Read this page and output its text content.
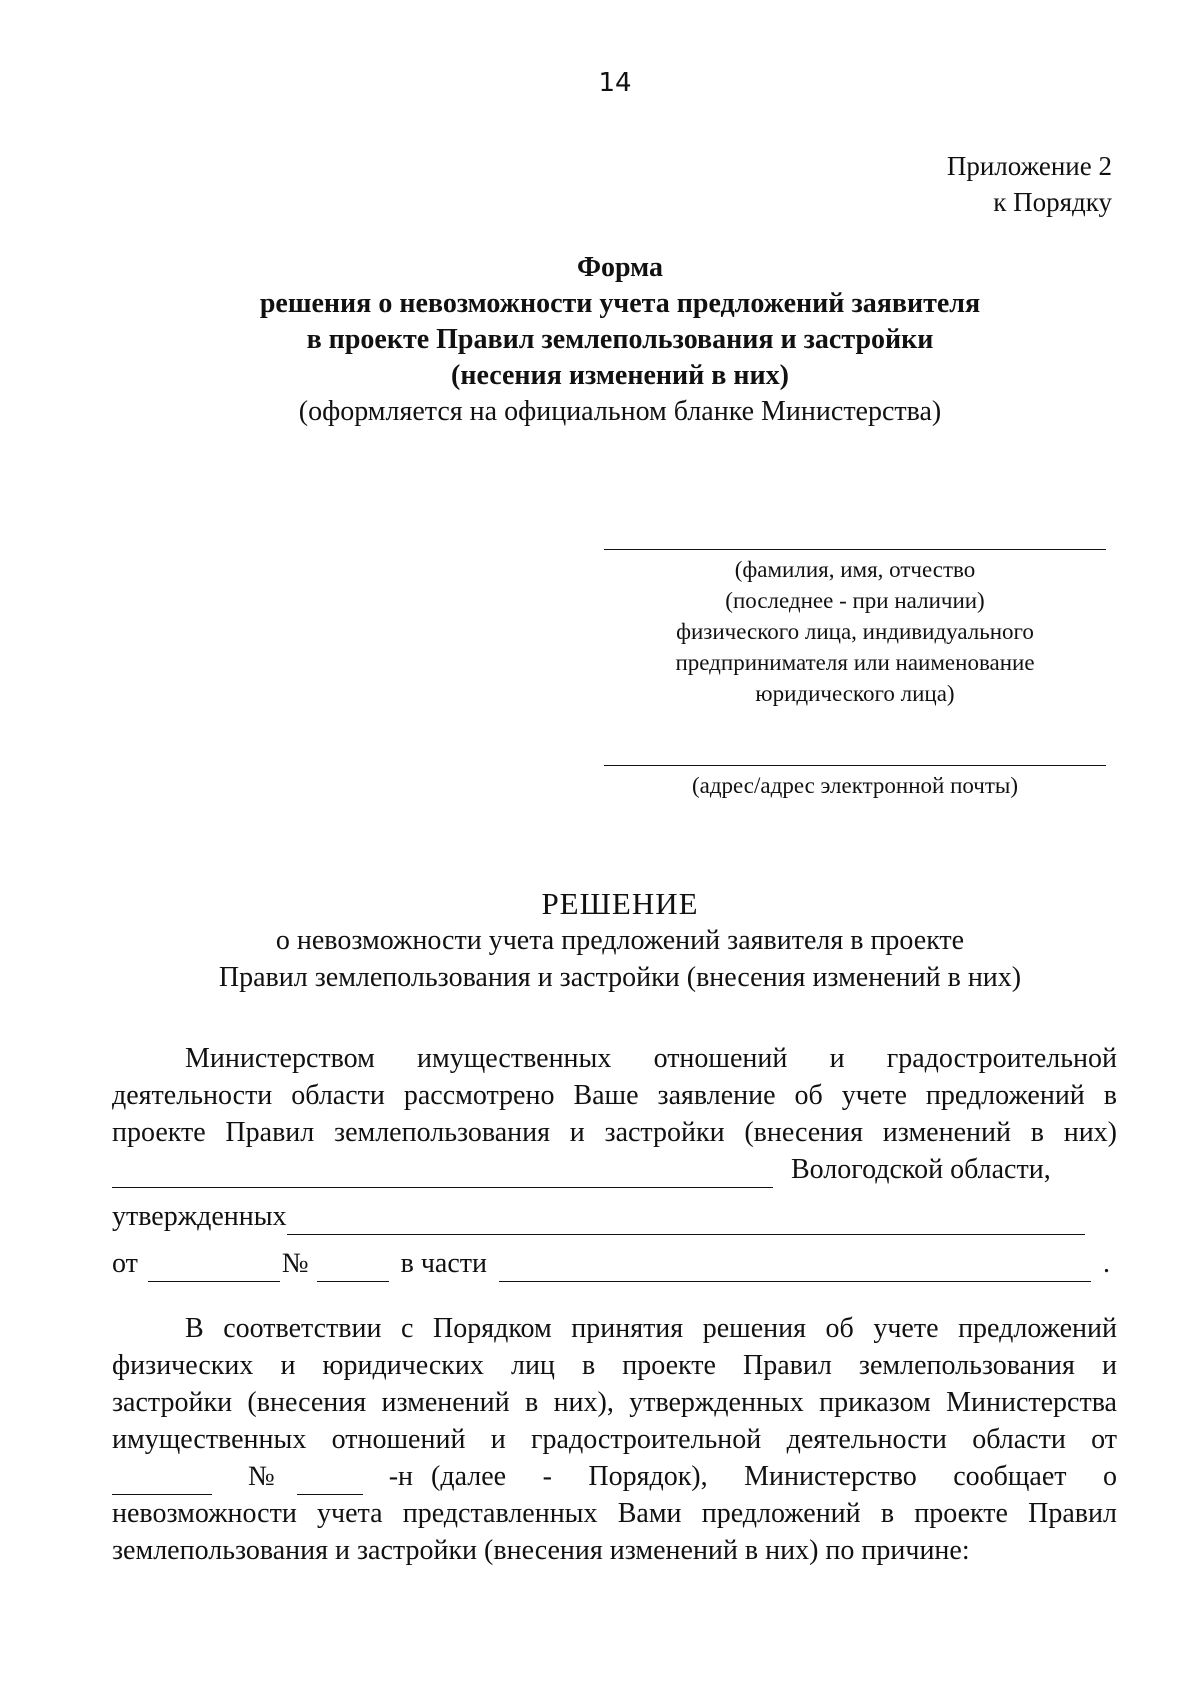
14
Приложение 2
к Порядку

Форма

решения о невозможности учета предложений заявителя

в проекте Правил землепользования и застройки

(несения изменений в них)

(оформляется на официальном бланке Министерства)

(фамилия, имя, отчество
(последнее - при наличии)
физического лица, индивидуального
предпринимателя или наименование
юридического лица)
(адрес/адрес электронной почты)
РЕШЕНИЕ
о невозможности учета предложений заявителя в проекте
Правил землепользования и застройки (внесения изменений в них)
Министерством имущественных отношений и градостроительной
деятельности области рассмотрено Ваше заявление об учете предложений в
проекте Правил землепользования и застройки (внесения изменений в них)
Вологодской области,
утвержденных
от	№	в части	.
В соответствии с Порядком принятия решения об учете предложений
физических и юридических лиц в проекте Правил землепользования и
застройки (внесения изменений в них), утвержденных приказом Министерства
имущественных отношений и градостроительной деятельности области от
№	-н (далее - Порядок), Министерство сообщает о
невозможности учета представленных Вами предложений в проекте Правил
землепользования и застройки (внесения изменений в них) по причине:
